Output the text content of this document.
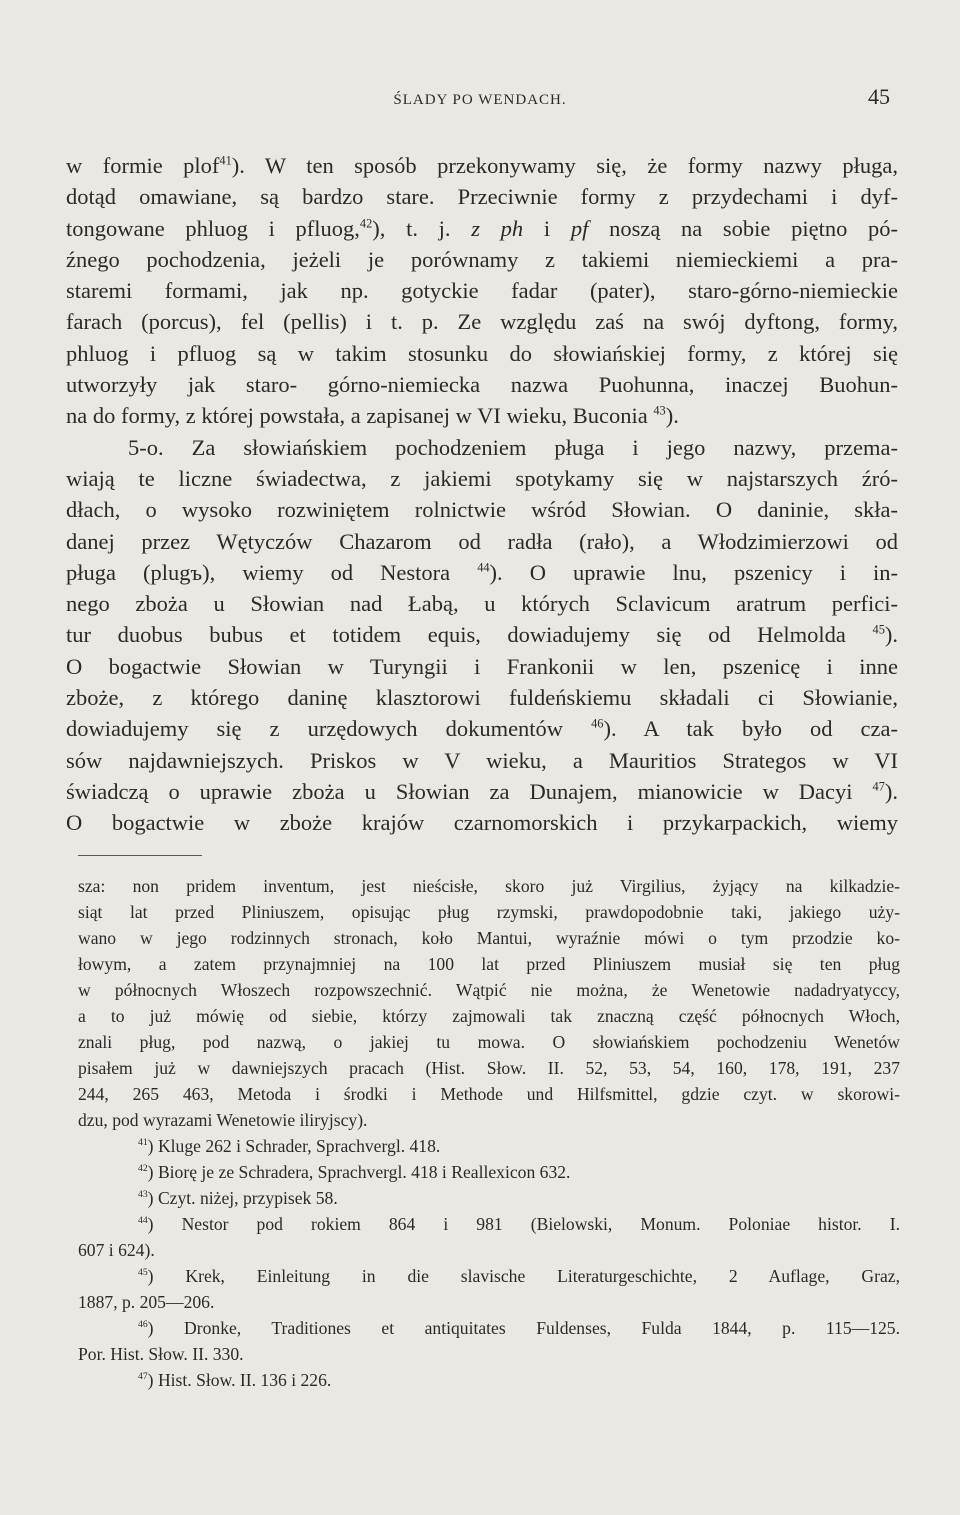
ŚLADY PO WENDACH.	45
w formie plof$^{41}$). W ten sposób przekonywamy się, że formy nazwy pługa,
dotąd omawiane, są bardzo stare. Przeciwnie formy z przydechami i dyf-
tongowane phluog i pfluog,$^{42}$), t. j. z ph i pf noszą na sobie piętno pó-
źnego pochodzenia, jeżeli je porównamy z takiemi niemieckiemi a pra-
staremi formami, jak np. gotyckie fadar (pater), staro-górno-niemieckie
farach (porcus), fel (pellis) i t. p. Ze względu zaś na swój dyftong, formy,
phluog i pfluog są w takim stosunku do słowiańskiej formy, z której się
utworzyły jak staro- górno-niemiecka nazwa Puohunna, inaczej Buohun-
na do formy, z której powstała, a zapisanej w VI wieku, Buconia $^{43}$).
5-o. Za słowiańskiem pochodzeniem pługa i jego nazwy, przema-
wiają te liczne świadectwa, z jakiemi spotykamy się w najstarszych źró-
dłach, o wysoko rozwiniętem rolnictwie wśród Słowian. O daninie, skła-
danej przez Wętyczów Chazarom od radła (rało), a Włodzimierzowi od
pługa (plugъ), wiemy od Nestora $^{44}$). O uprawie lnu, pszenicy i in-
nego zboża u Słowian nad Łabą, u których Sclavicum aratrum perfici-
tur duobus bubus et totidem equis, dowiadujemy się od Helmolda $^{45}$).
O bogactwie Słowian w Turyngii i Frankonii w len, pszenicę i inne
zboże, z którego daninę klasztorowi fuldeńskiemu składali ci Słowianie,
dowiadujemy się z urzędowych dokumentów $^{46}$). A tak było od cza-
sów najdawniejszych. Priskos w V wieku, a Mauritios Strategos w VI
świadczą o uprawie zboża u Słowian za Dunajem, mianowicie w Dacyi $^{47}$).
O bogactwie w zboże krajów czarnomorskich i przykarpackich, wiemy
sza: non pridem inventum, jest nieścisłe, skoro już Virgilius, żyjący na kilkadzie-
siąt lat przed Pliniuszem, opisując pług rzymski, prawdopodobnie taki, jakiego uży-
wano w jego rodzinnych stronach, koło Mantui, wyraźnie mówi o tym przodzie ko-
łowym, a zatem przynajmniej na 100 lat przed Pliniuszem musiał się ten pług
w północnych Włoszech rozpowszechnić. Wątpić nie można, że Wenetowie nadadryatyccy,
a to już mówię od siebie, którzy zajmowali tak znaczną część północnych Włoch,
znali pług, pod nazwą, o jakiej tu mowa. O słowiańskiem pochodzeniu Wenetów
pisałem już w dawniejszych pracach (Hist. Słow. II. 52, 53, 54, 160, 178, 191, 237
244, 265 463, Metoda i środki i Methode und Hilfsmittel, gdzie czyt. w skorowi-
dzu, pod wyrazami Wenetowie iliryjscy).
$^{41}$) Kluge 262 i Schrader, Sprachvergl. 418.
$^{42}$) Biorę je ze Schradera, Sprachvergl. 418 i Reallexicon 632.
$^{43}$) Czyt. niżej, przypisek 58.
$^{44}$) Nestor pod rokiem 864 i 981 (Bielowski, Monum. Poloniae histor. I.
607 i 624).
$^{45}$) Krek, Einleitung in die slavische Literaturgeschichte, 2 Auflage, Graz,
1887, p. 205—206.
$^{46}$) Dronke, Traditiones et antiquitates Fuldenses, Fulda 1844, p. 115—125.
Por. Hist. Słow. II. 330.
$^{47}$) Hist. Słow. II. 136 i 226.
